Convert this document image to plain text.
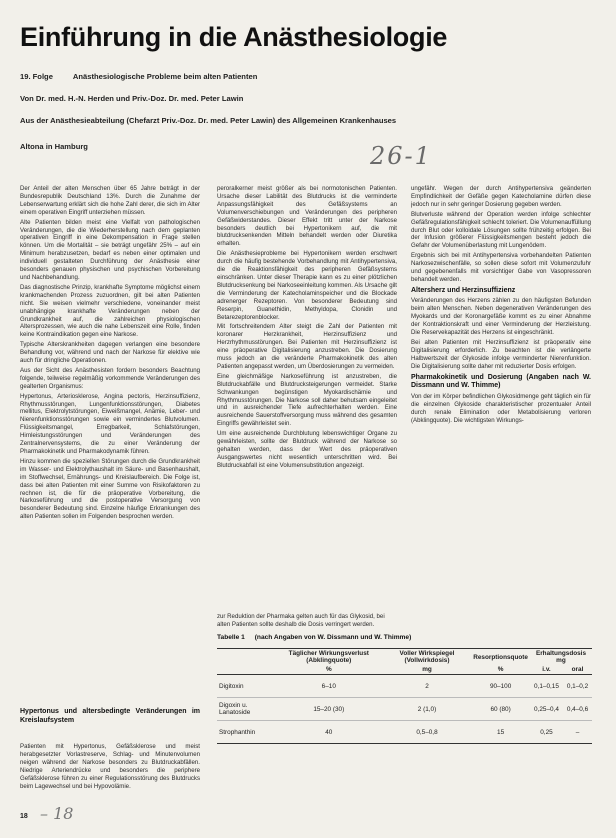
Einführung in die Anästhesiologie
19. Folge	Anästhesiologische Probleme beim alten Patienten
Von Dr. med. H.-N. Herden und Priv.-Doz. Dr. med. Peter Lawin
Aus der Anästhesieabteilung (Chefarzt Priv.-Doz. Dr. med. Peter Lawin) des Allgemeinen Krankenhauses
Altona in Hamburg	26-1

Der Anteil der alten Menschen über 65 Jahre beträgt in der Bundesrepublik Deutschland 13%. Durch die Zunahme der Lebenserwartung erklärt sich die hohe Zahl derer, die sich im Alter einem operativen Eingriff unterziehen müssen.

Alte Patienten bilden meist eine Vielfalt von pathologischen Veränderungen, die die Wiederherstellung nach dem geplanten operativen Eingriff in eine Dekompensation in Frage stellen können. Um die Mortalität – sie beträgt ungefähr 25% – auf ein Minimum herabzusetzen, bedarf es neben einer optimalen und individuell gestalteten Durchführung der Anästhesie einer besonders genauen physischen und psychischen Vorbereitung und Nachbehandlung.

Das diagnostische Prinzip, krankhafte Symptome möglichst einem krankmachenden Prozess zuzuordnen, gilt bei alten Patienten nicht. Sie weisen vielmehr verschiedene, voneinander meist unabhängige krankhafte Veränderungen neben der Grundkrankheit auf, die zahlreichen physiologischen Altersprozessen, wie auch die nahe Lebenszeit eine Rolle, finden keine Kontraindikation gegen eine Narkose.

Typische Alterskrankheiten dagegen verlangen eine besondere Behandlung vor, während und nach der Narkose für elektive wie auch für dringliche Operationen.

Aus der Sicht des Anästhesisten fordern besonders Beachtung folgende, teilweise regelmäßig vorkommende Veränderungen des gealterten Organismus:

Hypertonus, Arteriosklerose, Angina pectoris, Herzinsuffizienz, Rhythmusstörungen, Lungenfunktionsstörungen, Diabetes mellitus, Elektrolytstörungen, Eiweißmangel, Anämie, Leber- und Nierenfunktionsstörungen sowie ein vermindertes Blutvolumen. Flüssigkeitsmangel, Erregbarkeit, Schlafstörungen, Hirnleistungsstörungen und Veränderungen des Zentralnervensystems, die zu einer Veränderung der Pharmakokinetik und Pharmakodynamik führen.

Hinzu kommen die speziellen Störungen durch die Grundkrankheit im Wasser- und Elektrolythaushalt im Säure- und Basenhaushalt, im Stoffwechsel, Ernährungs- und Kreislaufbereich. Die Folge ist, dass bei alten Patienten mit einer Summe von Risikofaktoren zu rechnen ist, die für die präoperative Vorbereitung, die Narkoseführung und die postoperative Versorgung von besonderer Bedeutung sind. Einzelne häufige Erkrankungen des alten Patienten sollen im Folgenden besprochen werden.

Hypertonus und altersbedingte Veränderungen im Kreislaufsystem
Patienten mit Hypertonus, Gefäßsklerose und meist herabgesetzter Vorlastreserve, Schlag- und Minutenvolumen neigen während der Narkose besonders zu Blutdruckabfällen. Niedrige Arteriendrücke und besonders die periphere Gefäßsklerose führen zu einer Regulationsstörung des Blutdrucks beim Lagewechsel und bei Hypovolämie.

peroralkerner meist größer als bei normotonischen Patienten. Ursache dieser Labilität des Blutdrucks ist die verminderte Anpassungsfähigkeit des Gefäßsystems an Volumenverschiebungen und Veränderungen des peripheren Gefäßwiderstandes. Dieser Effekt tritt unter der Narkose besonders deutlich bei Hypertonikern auf, die mit blutdrucksenkenden Mitteln behandelt werden oder Diuretika erhalten.

Die Anästhesieprobleme bei Hypertonikern werden erschwert durch die häufig bestehende Vorbehandlung mit Antihypertensiva, die die Reaktionsfähigkeit des peripheren Gefäßsystems einschränken. Unter dieser Therapie kann es zu einer plötzlichen Blutdrucksenkung bei Narkoseeinleitung kommen. Als Ursache gilt die Verminderung der Katecholaminspeicher und die Blockade adrenerger Rezeptoren. Von besonderer Bedeutung sind Reserpin, Guanethidin, Methyldopa, Clonidin und Betarezeptorenblocker.

Mit fortschreitendem Alter steigt die Zahl der Patienten mit koronarer Herzkrankheit, Herzinsuffizienz und Herzrhythmusstörungen. Bei Patienten mit Herzinsuffizienz ist eine präoperative Digitalisierung anzustreben. Die Dosierung muss jedoch an die veränderte Pharmakokinetik des alten Patienten angepasst werden, um Überdosierungen zu vermeiden.

Eine gleichmäßige Narkoseführung ist anzustreben, die Blutdruckabfälle und Blutdrucksteigerungen vermeidet. Starke Schwankungen begünstigen Myokardischämie und Rhythmusstörungen. Die Narkose soll daher behutsam eingeleitet und in ausreichender Tiefe aufrechterhalten werden. Eine ausreichende Sauerstoffversorgung muss während des gesamten Eingriffs gewährleistet sein.

Um eine ausreichende Durchblutung lebenswichtiger Organe zu gewährleisten, sollte der Blutdruck während der Narkose so gehalten werden, dass der Wert des präoperativen Ausgangswertes nicht wesentlich unterschritten wird. Bei Blutdruckabfall ist eine Volumensubstitution angezeigt.

zur Reduktion der Pharmaka gelten auch für das Glykosid, bei alten Patienten sollte deshalb die Dosis verringert werden.

ungefähr. Wegen der durch Antihypertensiva geänderten Empfindlichkeit der Gefäße gegen Katecholamine dürfen diese jedoch nur in sehr geringer Dosierung gegeben werden.

Blutverluste während der Operation werden infolge schlechter Gefäßregulationsfähigkeit schlecht toleriert. Die Volumenauffüllung durch Blut oder kolloidale Lösungen sollte frühzeitig erfolgen. Bei der Infusion größerer Flüssigkeitsmengen besteht jedoch die Gefahr der Volumenüberlastung mit Lungenödem.

Ergebnis sich bei mit Antihypertensiva vorbehandelten Patienten Narkosezwischenfälle, so sollen diese sofort mit Volumenzufuhr und gegebenenfalls mit vorsichtiger Gabe von Vasopressoren behandelt werden.

Altersherz und Herzinsuffizienz

Veränderungen des Herzens zählen zu den häufigsten Befunden beim alten Menschen. Neben degenerativen Veränderungen des Myokards und der Koronargefäße kommt es zu einer Abnahme der Kontraktionskraft und einer Verminderung der Herzleistung. Die Reservekapazität des Herzens ist eingeschränkt.

Bei alten Patienten mit Herzinsuffizienz ist präoperativ eine Digitalisierung erforderlich. Zu beachten ist die verlängerte Halbwertszeit der Glykoside infolge verminderter Nierenfunktion. Die Digitalisierung sollte daher mit reduzierter Dosis erfolgen.

Pharmakokinetik und Dosierung (Angaben nach W. Dissmann und W. Thimme)

Von der im Körper befindlichen Glykosidmenge geht täglich ein für die einzelnen Glykoside charakteristischer prozentualer Anteil durch renale Elimination oder Metabolisierung verloren (Abklingquote). Die wichtigsten Wirkungs-

Tabelle 1 (nach Angaben von W. Dissmann und W. Thimme)
	Täglicher Wirkungsverlust (Abklingquote)	Voller Wirkspiegel (Vollwirkdosis)	Resorptionsquote	Erhaltungsdosis mg	
	%	mg	%	i.v.	oral
Digitoxin	6–10	2	90–100	0,1–0,15	0,1–0,2
Digoxin u. Lanatoside	15–20 (30)	2 (1,0)	60 (80)	0,25–0,4	0,4–0,6
Strophanthin	40	0,5–0,8	15	0,25	–
18 – 18
